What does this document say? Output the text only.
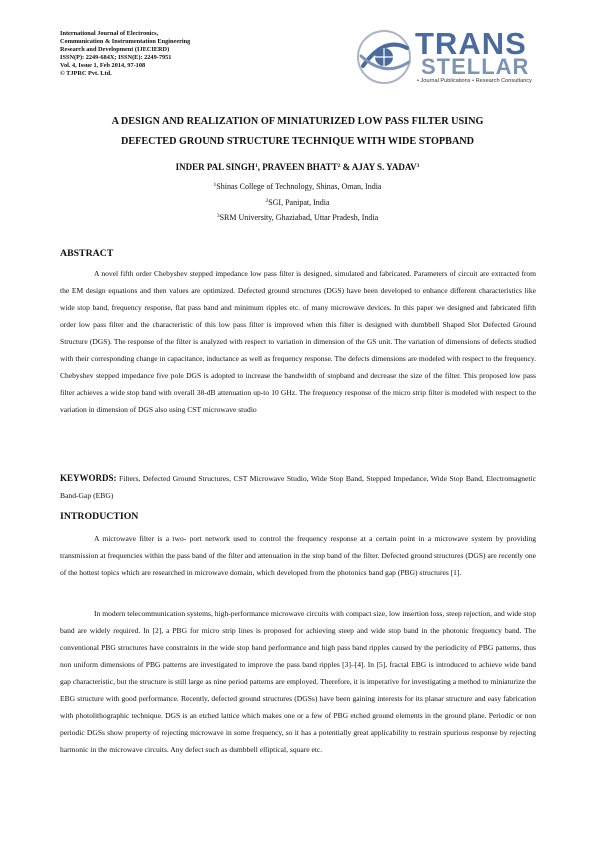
International Journal of Electronics,
Communication & Instrumentation Engineering
Research and Development (IJECIERD)
ISSN(P): 2249-684X; ISSN(E): 2249-7951
Vol. 4, Issue 1, Feb 2014, 97-108
© TJPRC Pvt. Ltd.
TRANS
STELLAR
• Journal Publications • Research Consultancy
A DESIGN AND REALIZATION OF MINIATURIZED LOW PASS FILTER USING
DEFECTED GROUND STRUCTURE TECHNIQUE WITH WIDE STOPBAND
INDER PAL SINGH$^1$, PRAVEEN BHATT$^2$ & AJAY S. YADAV$^3$
$^1$Shinas College of Technology, Shinas, Oman, India
$^2$SGI, Panipat, India
$^3$SRM University, Ghaziabad, Uttar Pradesh, India
ABSTRACT
A novel fifth order Chebyshev stepped impedance low pass filter is designed, simulated and fabricated. Parameters of circuit are extracted from the EM design equations and then values are optimized. Defected ground structures (DGS) have been developed to enhance different characteristics like wide stop band, frequency response, flat pass band and minimum ripples etc. of many microwave devices. In this paper we designed and fabricated fifth order low pass filter and the characteristic of this low pass filter is improved when this filter is designed with dumbbell Shaped Slot Defected Ground Structure (DGS). The response of the filter is analyzed with respect to variation in dimension of the GS unit. The variation of dimensions of defects studied with their corresponding change in capacitance, inductance as well as frequency response. The defects dimensions are modeled with respect to the frequency. Chebyshev stepped impedance five pole DGS is adopted to increase the bandwidth of stopband and decrease the size of the filter. This proposed low pass filter achieves a wide stop band with overall 38-dB attenuation up-to 10 GHz. The frequency response of the micro strip filter is modeled with respect to the variation in dimension of DGS also using CST microwave studio
KEYWORDS: Filters, Defected Ground Structures, CST Microwave Studio, Wide Stop Band, Stepped Impedance, Wide Stop Band, Electromagnetic Band-Gap (EBG)
INTRODUCTION
A microwave filter is a two- port network used to control the frequency response at a certain point in a microwave system by providing transmission at frequencies within the pass band of the filter and attenuation in the stop band of the filter. Defected ground structures (DGS) are recently one of the hottest topics which are researched in microwave domain, which developed from the photonics band gap (PBG) structures [1].
In modern telecommunication systems, high-performance microwave circuits with compact size, low insertion loss, steep rejection, and wide stop band are widely required. In [2], a PBG for micro strip lines is proposed for achieving steep and wide stop band in the photonic frequency band. The conventional PBG structures have constraints in the wide stop band performance and high pass band ripples caused by the periodicity of PBG patterns, thus non uniform dimensions of PBG patterns are investigated to improve the pass band ripples [3]–[4]. In [5], fractal EBG is introduced to achieve wide band gap characteristic, but the structure is still large as nine period patterns are employed. Therefore, it is imperative for investigating a method to miniaturize the EBG structure with good performance. Recently, defected ground structures (DGSs) have been gaining interests for its planar structure and easy fabrication with photolithographic technique. DGS is an etched lattice which makes one or a few of PBG etched ground elements in the ground plane. Periodic or non periodic DGSs show property of rejecting microwave in some frequency, so it has a potentially great applicability to restrain spurious response by rejecting harmonic in the microwave circuits. Any defect such as dumbbell elliptical, square etc.
